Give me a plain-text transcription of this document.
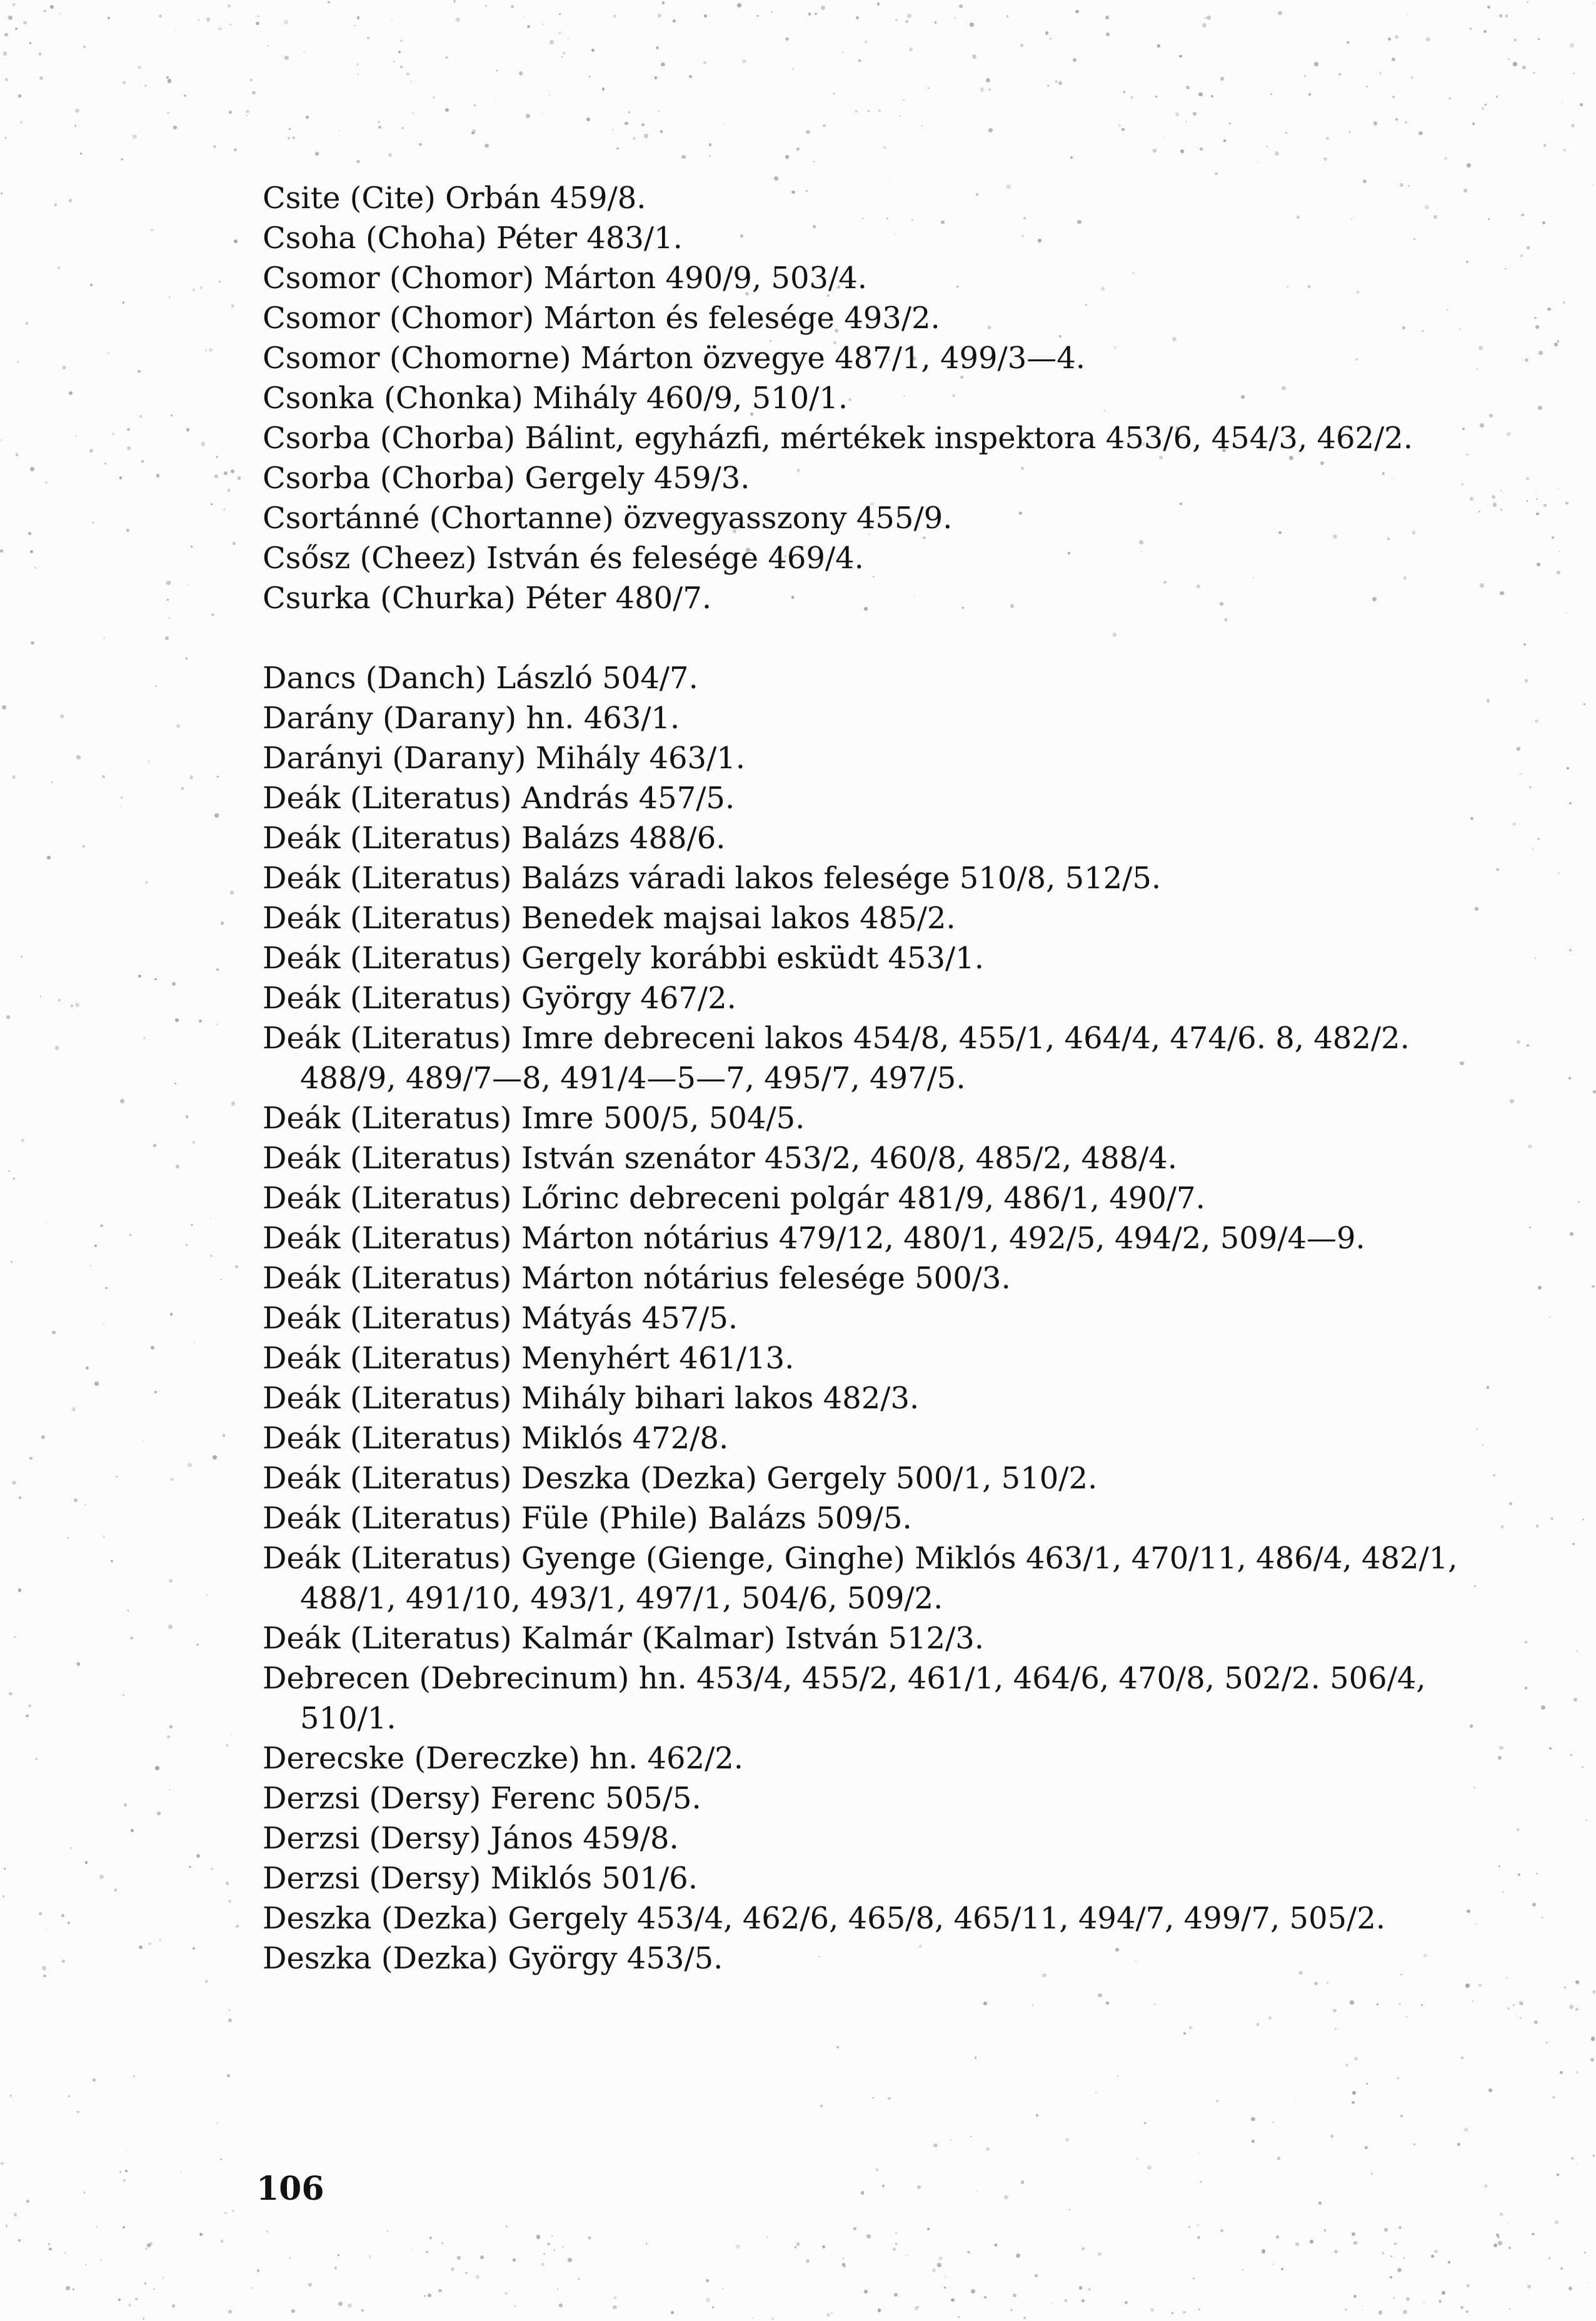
Csite (Cite) Orbán 459/8.
Csoha (Choha) Péter 483/1.
Csomor (Chomor) Márton 490/9, 503/4.
Csomor (Chomor) Márton és felesége 493/2.
Csomor (Chomorne) Márton özvegye 487/1, 499/3—4.
Csonka (Chonka) Mihály 460/9, 510/1.
Csorba (Chorba) Bálint, egyházfi, mértékek inspektora 453/6, 454/3, 462/2.
Csorba (Chorba) Gergely 459/3.
Csortánné (Chortanne) özvegyasszony 455/9.
Csősz (Cheez) István és felesége 469/4.
Csurka (Churka) Péter 480/7.
Dancs (Danch) László 504/7.
Darány (Darany) hn. 463/1.
Darányi (Darany) Mihály 463/1.
Deák (Literatus) András 457/5.
Deák (Literatus) Balázs 488/6.
Deák (Literatus) Balázs váradi lakos felesége 510/8, 512/5.
Deák (Literatus) Benedek majsai lakos 485/2.
Deák (Literatus) Gergely korábbi esküdt 453/1.
Deák (Literatus) György 467/2.
Deák (Literatus) Imre debreceni lakos 454/8, 455/1, 464/4, 474/6. 8, 482/2.
488/9, 489/7—8, 491/4—5—7, 495/7, 497/5.
Deák (Literatus) Imre 500/5, 504/5.
Deák (Literatus) István szenátor 453/2, 460/8, 485/2, 488/4.
Deák (Literatus) Lőrinc debreceni polgár 481/9, 486/1, 490/7.
Deák (Literatus) Márton nótárius 479/12, 480/1, 492/5, 494/2, 509/4—9.
Deák (Literatus) Márton nótárius felesége 500/3.
Deák (Literatus) Mátyás 457/5.
Deák (Literatus) Menyhért 461/13.
Deák (Literatus) Mihály bihari lakos 482/3.
Deák (Literatus) Miklós 472/8.
Deák (Literatus) Deszka (Dezka) Gergely 500/1, 510/2.
Deák (Literatus) Füle (Phile) Balázs 509/5.
Deák (Literatus) Gyenge (Gienge, Ginghe) Miklós 463/1, 470/11, 486/4, 482/1,
488/1, 491/10, 493/1, 497/1, 504/6, 509/2.
Deák (Literatus) Kalmár (Kalmar) István 512/3.
Debrecen (Debrecinum) hn. 453/4, 455/2, 461/1, 464/6, 470/8, 502/2. 506/4,
510/1.
Derecske (Dereczke) hn. 462/2.
Derzsi (Dersy) Ferenc 505/5.
Derzsi (Dersy) János 459/8.
Derzsi (Dersy) Miklós 501/6.
Deszka (Dezka) Gergely 453/4, 462/6, 465/8, 465/11, 494/7, 499/7, 505/2.
Deszka (Dezka) György 453/5.
106
